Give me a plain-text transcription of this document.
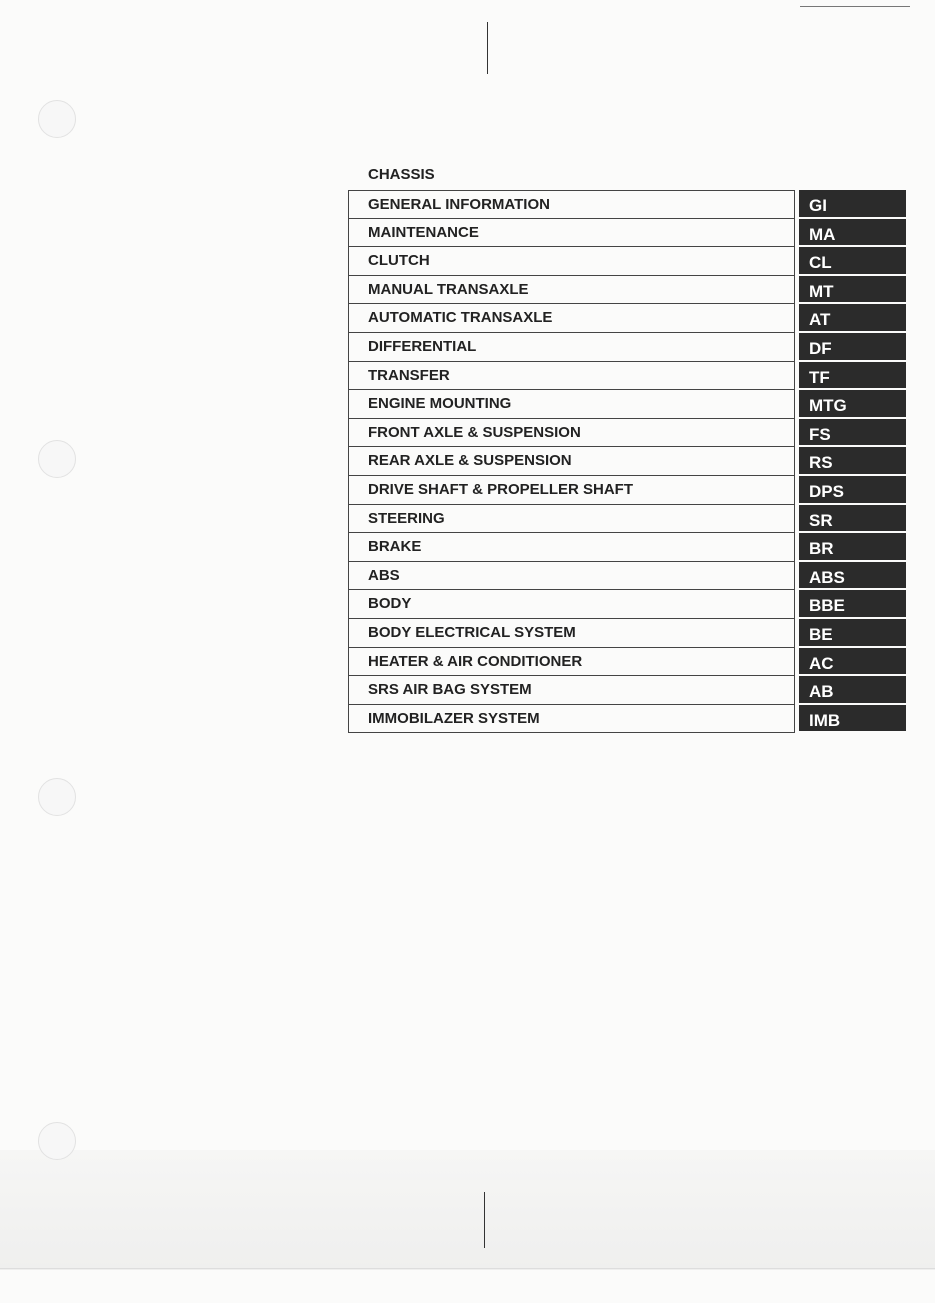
CHASSIS
GENERAL INFORMATION	GI
MAINTENANCE	MA
CLUTCH	CL
MANUAL TRANSAXLE	MT
AUTOMATIC TRANSAXLE	AT
DIFFERENTIAL	DF
TRANSFER	TF
ENGINE MOUNTING	MTG
FRONT AXLE & SUSPENSION	FS
REAR AXLE & SUSPENSION	RS
DRIVE SHAFT & PROPELLER SHAFT	DPS
STEERING	SR
BRAKE	BR
ABS	ABS
BODY	BBE
BODY ELECTRICAL SYSTEM	BE
HEATER & AIR CONDITIONER	AC
SRS AIR BAG SYSTEM	AB
IMMOBILAZER SYSTEM	IMB
